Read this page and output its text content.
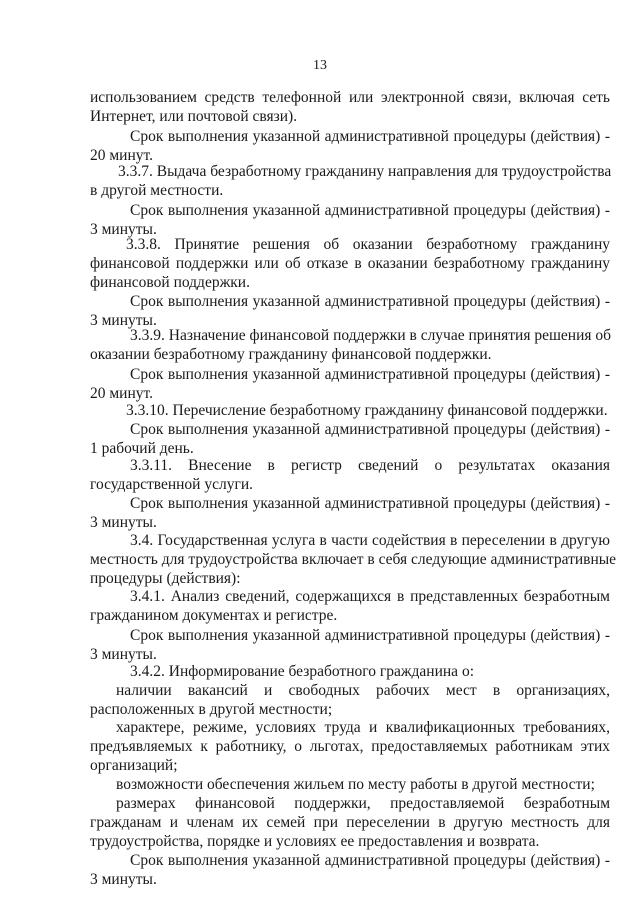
13
использованием средств телефонной или электронной связи, включая сеть
Интернет, или почтовой связи).
Срок выполнения указанной административной процедуры (действия) -
20 минут.
3.3.7. Выдача безработному гражданину направления для трудоустройства
в другой местности.
Срок выполнения указанной административной процедуры (действия) -
3 минуты.
3.3.8. Принятие решения об оказании безработному гражданину
финансовой поддержки или об отказе в оказании безработному гражданину
финансовой поддержки.
Срок выполнения указанной административной процедуры (действия) -
3 минуты.
3.3.9. Назначение финансовой поддержки в случае принятия решения об
оказании безработному гражданину финансовой поддержки.
Срок выполнения указанной административной процедуры (действия) -
20 минут.
3.3.10. Перечисление безработному гражданину финансовой поддержки.
Срок выполнения указанной административной процедуры (действия) -
1 рабочий день.
3.3.11. Внесение в регистр сведений о результатах оказания
государственной услуги.
Срок выполнения указанной административной процедуры (действия) -
3 минуты.
3.4. Государственная услуга в части содействия в переселении в другую
местность для трудоустройства включает в себя следующие административные
процедуры (действия):
3.4.1. Анализ сведений, содержащихся в представленных безработным
гражданином документах и регистре.
Срок выполнения указанной административной процедуры (действия) -
3 минуты.
3.4.2. Информирование безработного гражданина о:
наличии вакансий и свободных рабочих мест в организациях,
расположенных в другой местности;
характере, режиме, условиях труда и квалификационных требованиях,
предъявляемых к работнику, о льготах, предоставляемых работникам этих
организаций;
возможности обеспечения жильем по месту работы в другой местности;
размерах финансовой поддержки, предоставляемой безработным
гражданам и членам их семей при переселении в другую местность для
трудоустройства, порядке и условиях ее предоставления и возврата.
Срок выполнения указанной административной процедуры (действия) -
3 минуты.
